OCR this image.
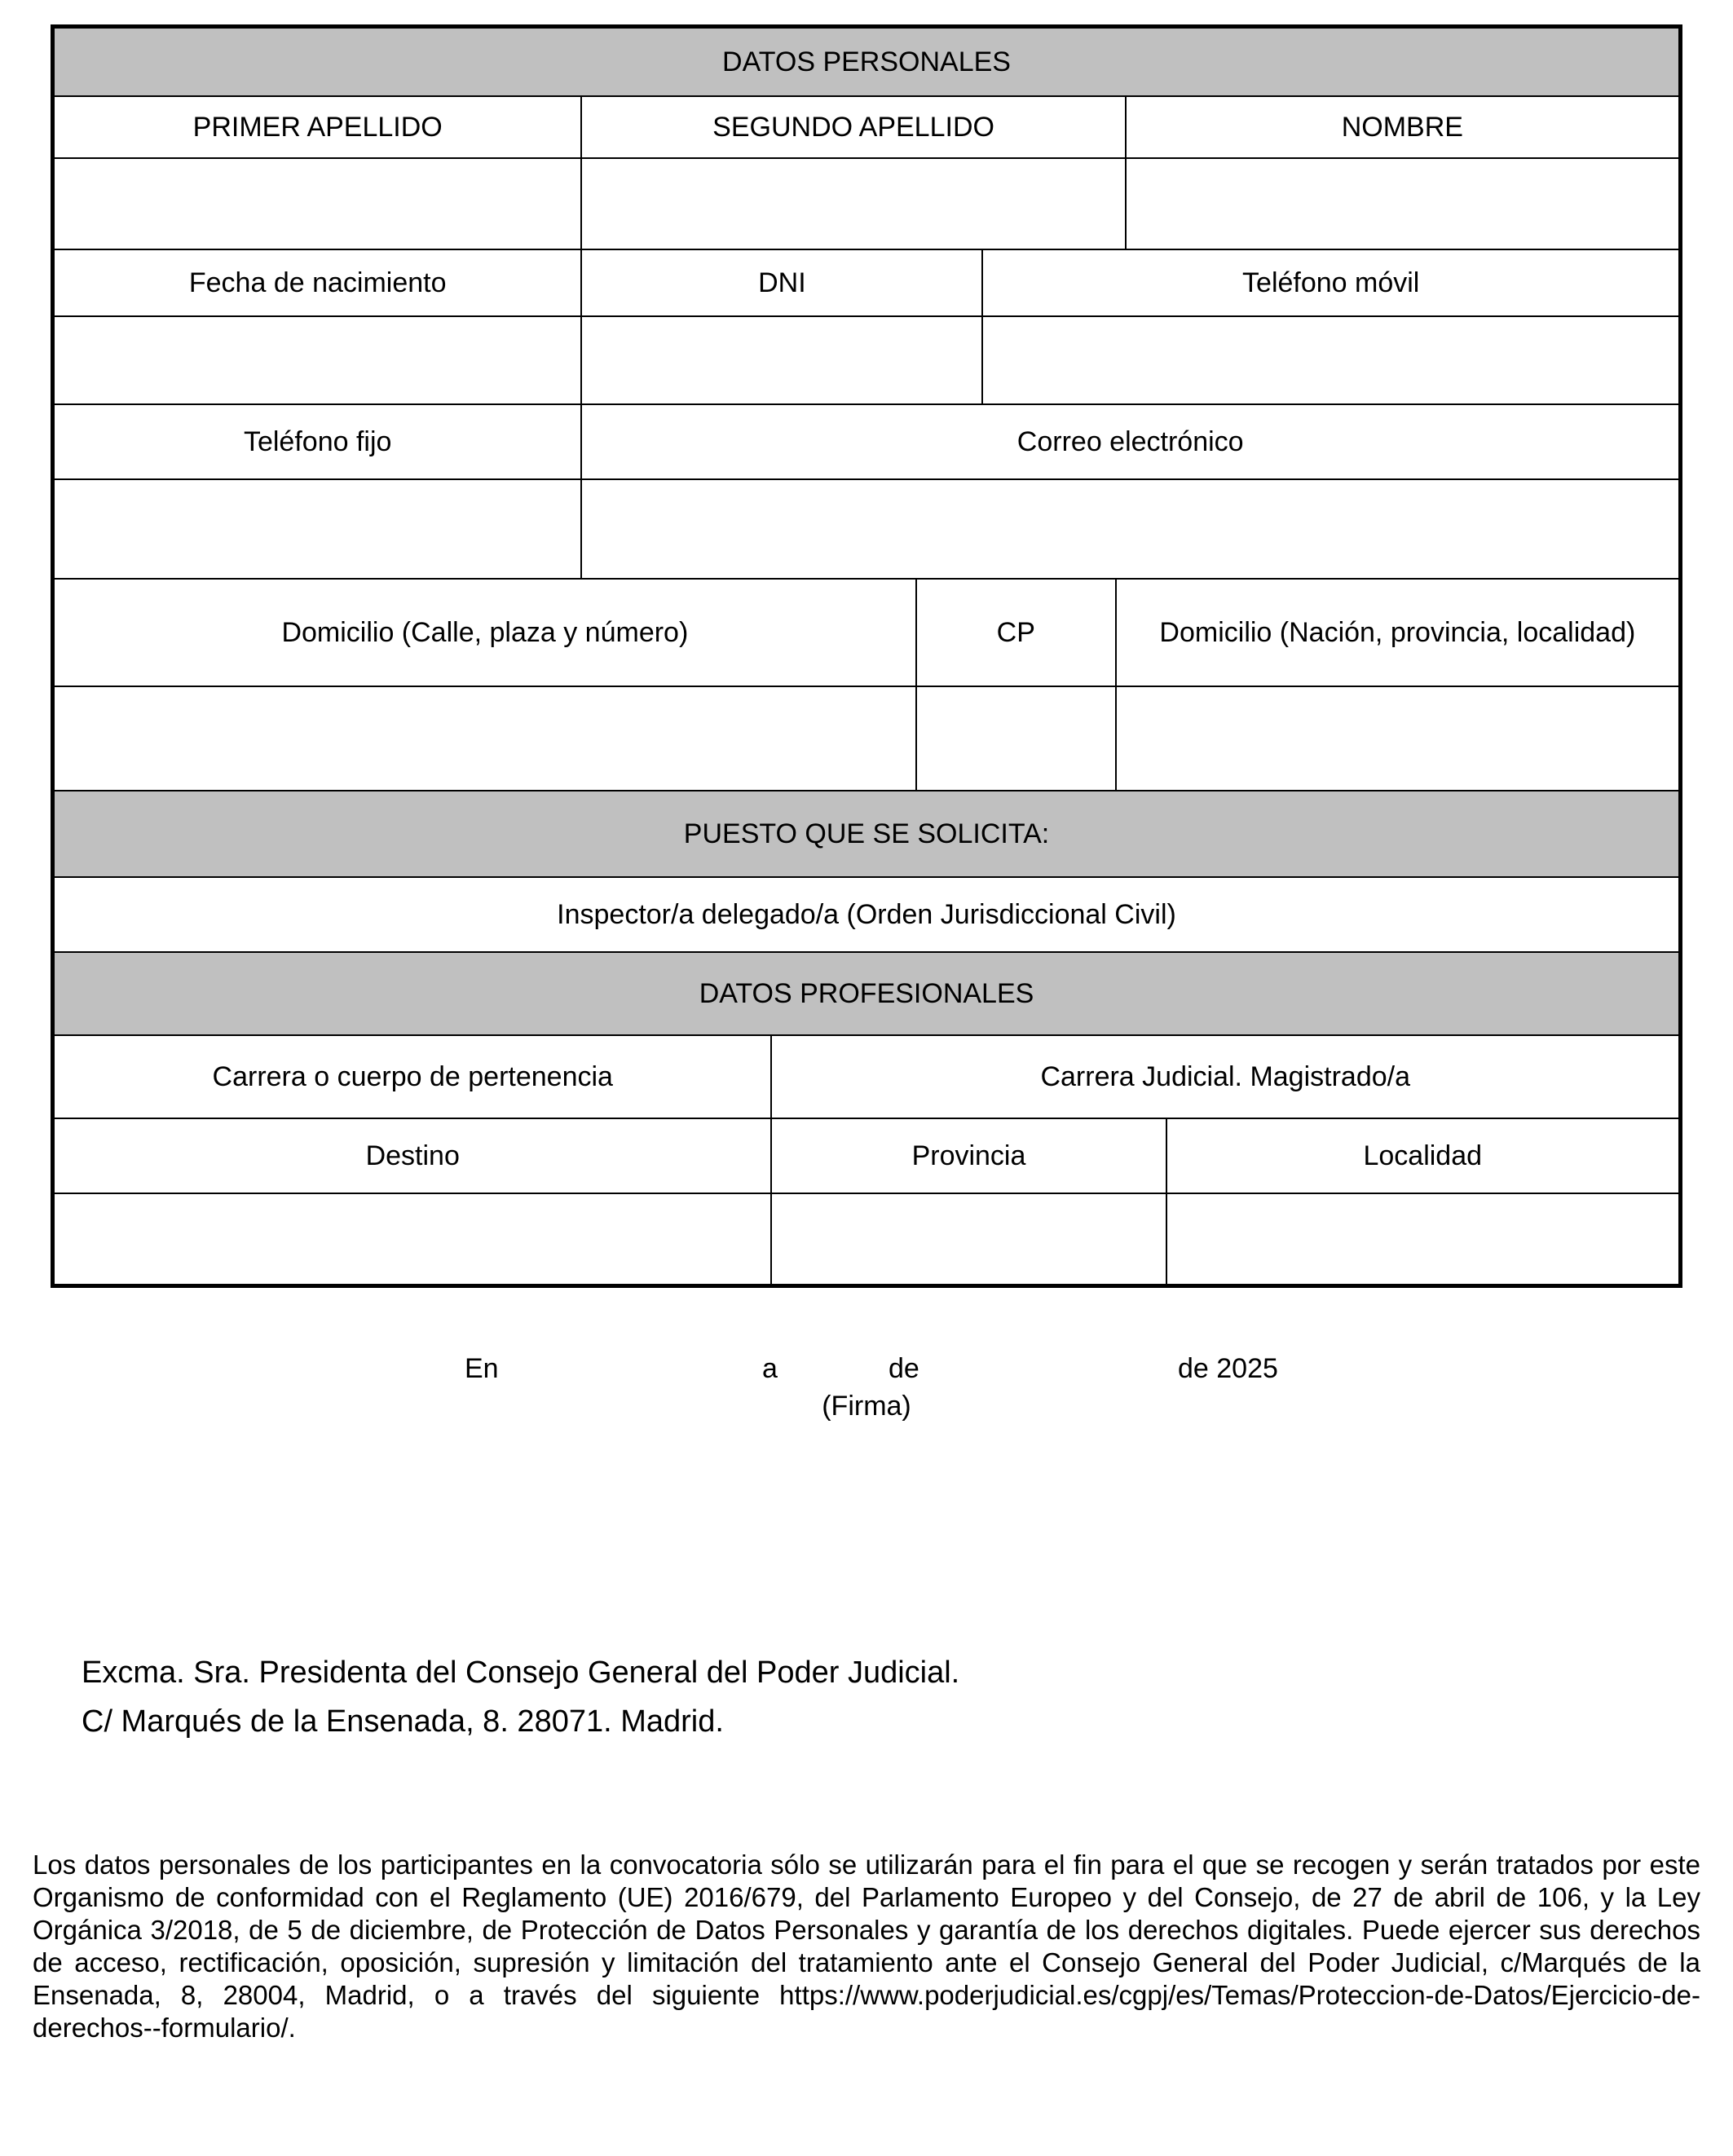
DATOS PERSONALES
PRIMER APELLIDO	SEGUNDO APELLIDO	NOMBRE
Fecha de nacimiento	DNI	Teléfono móvil
Teléfono fijo	Correo electrónico
Domicilio (Calle, plaza y número)	CP	Domicilio (Nación, provincia, localidad)
PUESTO QUE SE SOLICITA:
Inspector/a delegado/a (Orden Jurisdiccional Civil)
DATOS PROFESIONALES
Carrera o cuerpo de pertenencia	Carrera Judicial. Magistrado/a
Destino	Provincia	Localidad
En	a	de	de 2025
(Firma)
Excma. Sra. Presidenta del Consejo General del Poder Judicial.
C/ Marqués de la Ensenada, 8. 28071. Madrid.
Los datos personales de los participantes en la convocatoria sólo se utilizarán para el fin para el que se recogen y serán tratados por este Organismo de conformidad con el Reglamento (UE) 2016/679, del Parlamento Europeo y del Consejo, de 27 de abril de 106, y la Ley Orgánica 3/2018, de 5 de diciembre, de Protección de Datos Personales y garantía de los derechos digitales. Puede ejercer sus derechos de acceso, rectificación, oposición, supresión y limitación del tratamiento ante el Consejo General del Poder Judicial, c/Marqués de la Ensenada, 8, 28004, Madrid, o a través del siguiente https://www.poderjudicial.es/cgpj/es/Temas/Proteccion-de-Datos/Ejercicio-de-derechos--formulario/.
